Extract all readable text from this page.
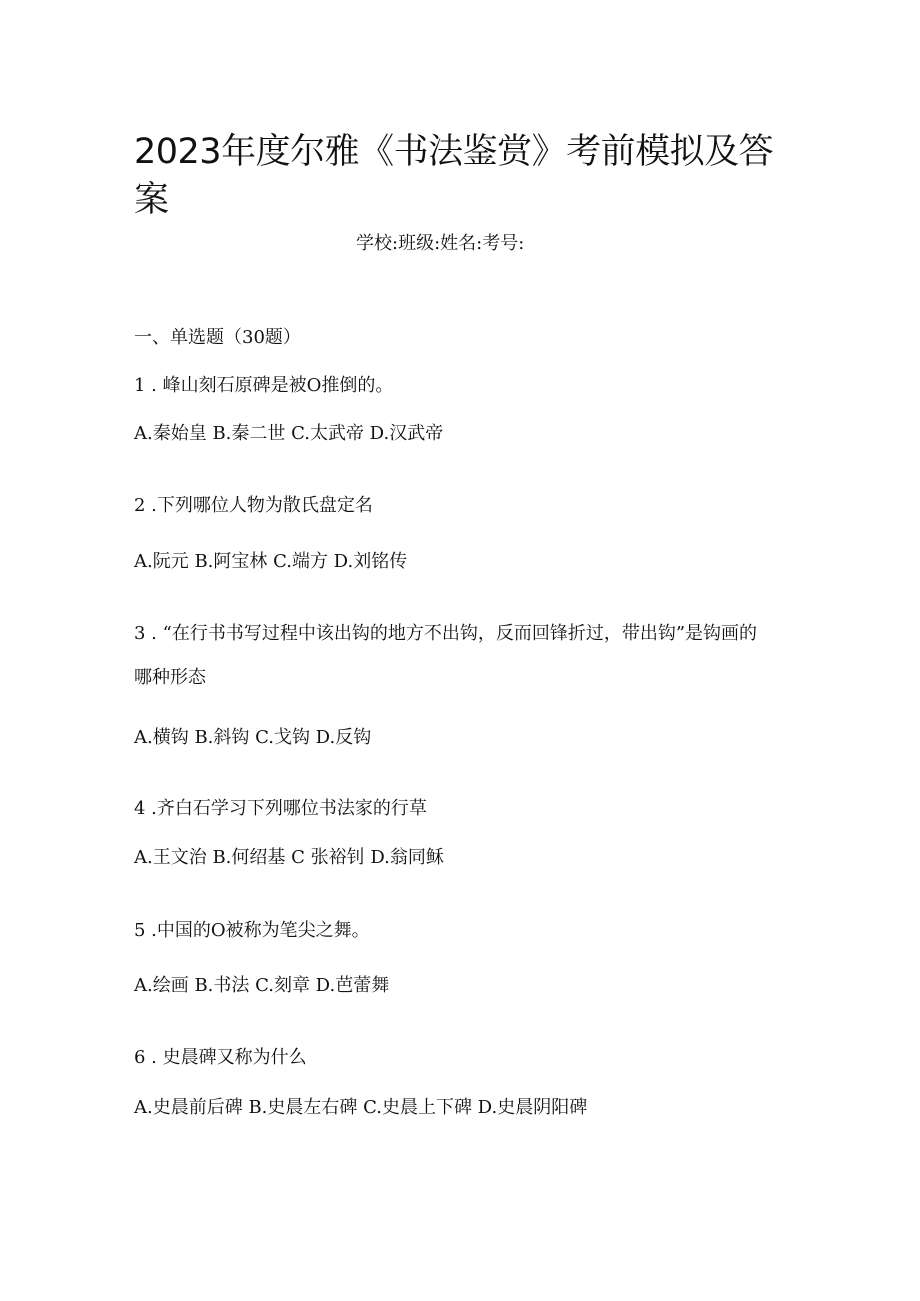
2023年度尔雅《书法鉴赏》考前模拟及答案
学校:班级:姓名:考号:
一、单选题（30题）
1 . 峰山刻石原碑是被O推倒的。
A.秦始皇 B.秦二世 C.太武帝 D.汉武帝
2 .下列哪位人物为散氏盘定名
A.阮元 B.阿宝林 C.端方 D.刘铭传
3 . “在行书书写过程中该出钩的地方不出钩，反而回锋折过，带出钩”是钩画的哪种形态
A.横钩 B.斜钩 C.戈钩 D.反钩
4 .齐白石学习下列哪位书法家的行草
A.王文治 B.何绍基 C 张裕钊 D.翁同稣
5 .中国的O被称为笔尖之舞。
A.绘画 B.书法 C.刻章 D.芭蕾舞
6 . 史晨碑又称为什么
A.史晨前后碑 B.史晨左右碑 C.史晨上下碑 D.史晨阴阳碑
